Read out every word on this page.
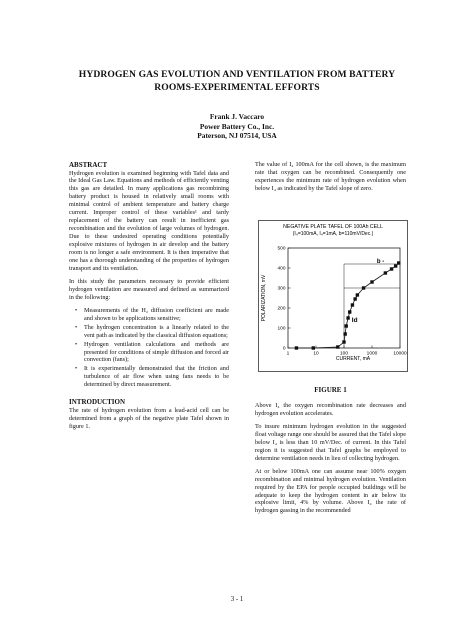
HYDROGEN GAS EVOLUTION AND VENTILATION FROM BATTERY
ROOMS-EXPERIMENTAL EFFORTS
Frank J. Vaccaro
Power Battery Co., Inc.
Paterson, NJ 07514, USA

ABSTRACT

Hydrogen evolution is examined beginning with Tafel data and the Ideal Gas Law. Equations and methods of efficiently venting this gas are detailed. In many applications gas recombining battery product is housed in relatively small rooms with minimal control of ambient temperature and battery charge current. Improper control of these variables¹ and tardy replacement of the battery can result in inefficient gas recombination and the evolution of large volumes of hydrogen. Due to these undesired operating conditions potentially explosive mixtures of hydrogen in air develop and the battery room is no longer a safe environment. It is then imperative that one has a thorough understanding of the properties of hydrogen transport and its ventilation.

In this study the parameters necessary to provide efficient hydrogen ventilation are measured and defined as summarized in the following:

• Measurements of the H₂ diffusion coefficient are made and shown to be applications sensitive;
• The hydrogen concentration is a linearly related to the vent path as indicated by the classical diffusion equations;
• Hydrogen ventilation calculations and methods are presented for conditions of simple diffusion and forced air convection (fans);
• It is experimentally demonstrated that the friction and turbulence of air flow when using fans needs to be determined by direct measurement.

INTRODUCTION

The rate of hydrogen evolution from a lead-acid cell can be determined from a graph of the negative plate Tafel shown in figure 1.

The value of I₄ 100mA for the cell shown, is the maximum rate that oxygen can be recombined. Consequently one experiences the minimum rate of hydrogen evolution when below I₄ as indicated by the Tafel slope of zero.

NEGATIVE PLATE TAFEL OF 100Ah CELL
(I₄=100mA, I₄=1mA, b=110mV/Dec.)
1	10	100	1000	10000
0
100
200
300
400
500
b -
Id
CURRENT, mA
POLARIZATION, mV
FIGURE 1

Above I₄ the oxygen recombination rate decreases and hydrogen evolution accelerates.

To insure minimum hydrogen evolution in the suggested float voltage range one should be assured that the Tafel slope below I₄ is less than 10 mV/Dec. of current. In this Tafel region it is suggested that Tafel graphs be employed to determine ventilation needs in lieu of collecting hydrogen.

At or below 100mA one can assume near 100% oxygen recombination and minimal hydrogen evolution. Ventilation required by the EPA for people occupied buildings will be adequate to keep the hydrogen content in air below its explosive limit, 4% by volume. Above I₄ the rate of hydrogen gassing in the recommended

3 - 1
